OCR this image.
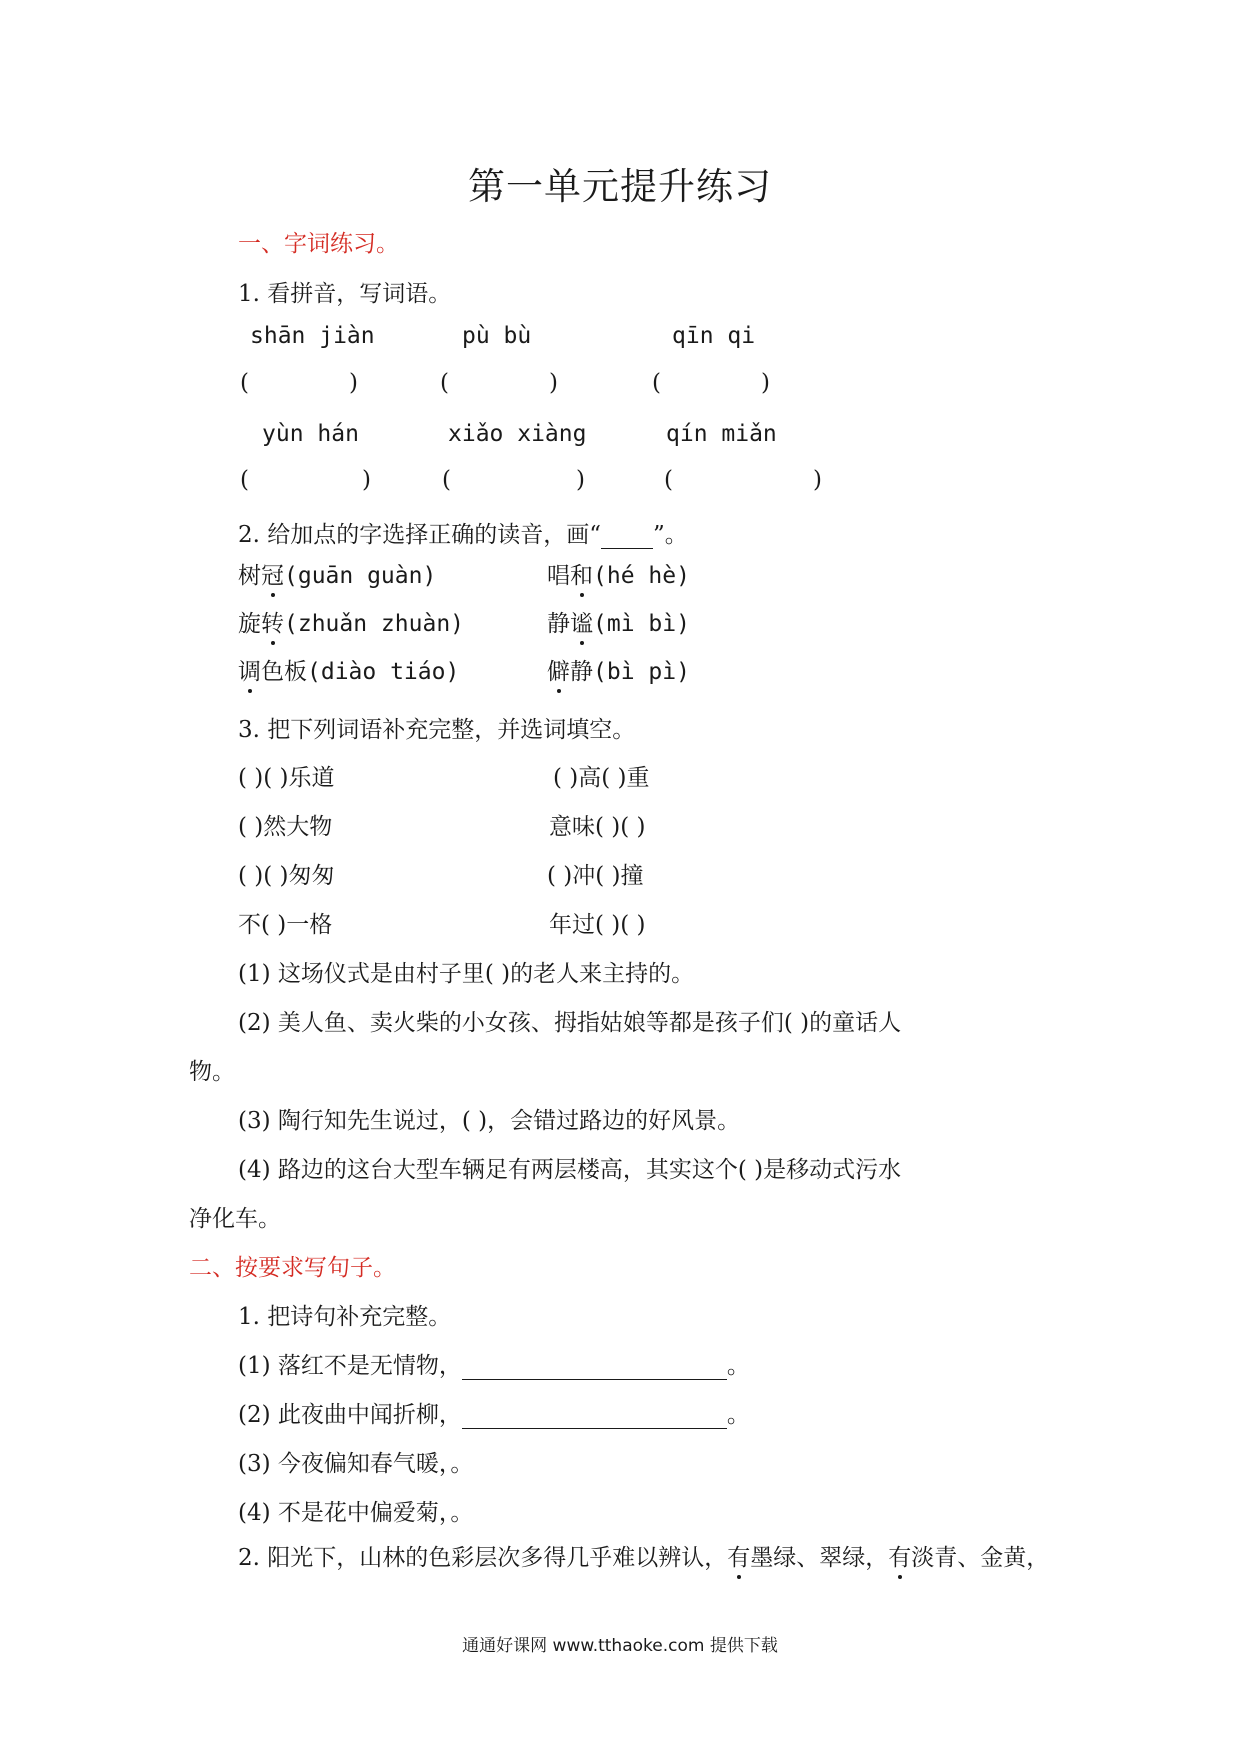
第一单元提升练习
一、字词练习。
1. 看拼音，写词语。
shān jiàn	pù bù	qīn qi
(	)	(	)	(	)
yùn hán	xiǎo xiàng	qín miǎn
(	)	(	)	(	)
2. 给加点的字选择正确的读音，画“ ”。
树冠(guān guàn)	唱和(hé hè)
旋转(zhuǎn zhuàn)	静谧(mì bì)
调色板(diào tiáo)	僻静(bì pì)
3. 把下列词语补充完整，并选词填空。
( )( )乐道	( )高( )重
( )然大物	意味( )( )
( )( )匆匆	( )冲( )撞
不( )一格	年过( )( )
(1) 这场仪式是由村子里( )的老人来主持的。
(2) 美人鱼、卖火柴的小女孩、拇指姑娘等都是孩子们( )的童话人
物。
(3) 陶行知先生说过，( )，会错过路边的好风景。
(4) 路边的这台大型车辆足有两层楼高，其实这个( )是移动式污水
净化车。
二、按要求写句子。
1. 把诗句补充完整。
(1) 落红不是无情物，	。
(2) 此夜曲中闻折柳，	。
(3) 今夜偏知春气暖，。
(4) 不是花中偏爱菊，。
2. 阳光下，山林的色彩层次多得几乎难以辨认，有墨绿、翠绿，有淡青、金黄，
通通好课网 www.tthaoke.com 提供下载
